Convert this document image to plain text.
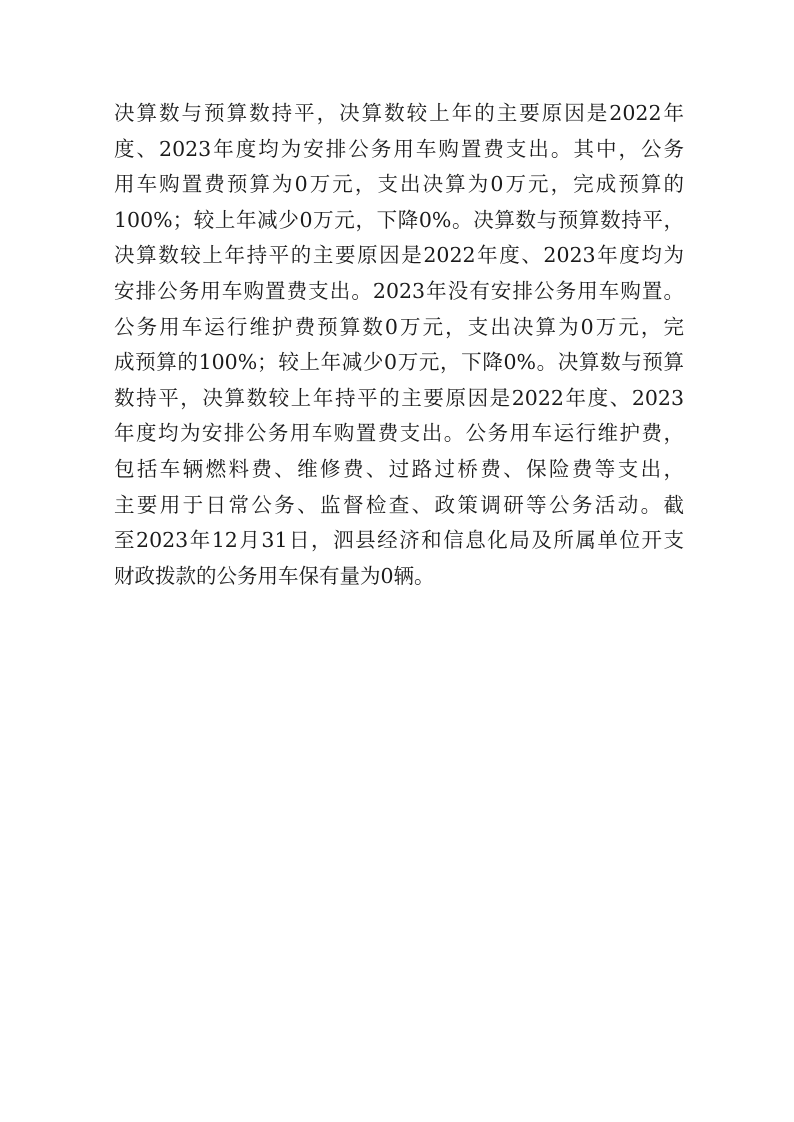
决算数与预算数持平，决算数较上年的主要原因是2022年
度、2023年度均为安排公务用车购置费支出。其中，公务
用车购置费预算为0万元，支出决算为0万元，完成预算的
100%；较上年减少0万元，下降0%。决算数与预算数持平，
决算数较上年持平的主要原因是2022年度、2023年度均为
安排公务用车购置费支出。2023年没有安排公务用车购置。
公务用车运行维护费预算数0万元，支出决算为0万元，完
成预算的100%；较上年减少0万元，下降0%。决算数与预算
数持平，决算数较上年持平的主要原因是2022年度、2023
年度均为安排公务用车购置费支出。公务用车运行维护费，
包括车辆燃料费、维修费、过路过桥费、保险费等支出，
主要用于日常公务、监督检查、政策调研等公务活动。截
至2023年12月31日，泗县经济和信息化局及所属单位开支
财政拨款的公务用车保有量为0辆。
